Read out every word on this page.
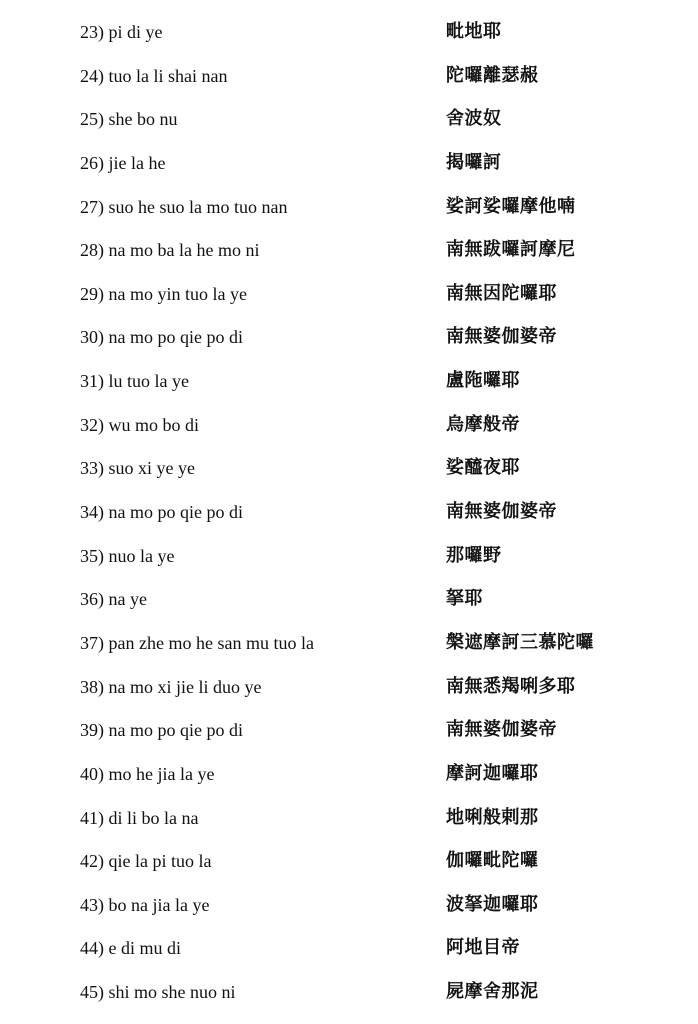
23) pi di ye	毗地耶
24) tuo la li shai nan	陀囉離瑟赧
25) she bo nu	舍波奴
26) jie la he	揭囉訶
27) suo he suo la mo tuo nan	娑訶娑囉摩他喃
28) na mo ba la he mo ni	南無跋囉訶摩尼
29) na mo yin tuo la ye	南無因陀囉耶
30) na mo po qie po di	南無婆伽婆帝
31) lu tuo la ye	盧陁囉耶
32) wu mo bo di	烏摩般帝
33) suo xi ye ye	娑醯夜耶
34) na mo po qie po di	南無婆伽婆帝
35) nuo la ye	那囉野
36) na ye	拏耶
37) pan zhe mo he san mu tuo la	槃遮摩訶三慕陀囉
38) na mo xi jie li duo ye	南無悉羯唎多耶
39) na mo po qie po di	南無婆伽婆帝
40) mo he jia la ye	摩訶迦囉耶
41) di li bo la na	地唎般剌那
42) qie la pi tuo la	伽囉毗陀囉
43) bo na jia la ye	波拏迦囉耶
44) e di mu di	阿地目帝
45) shi mo she nuo ni	屍摩舍那泥
